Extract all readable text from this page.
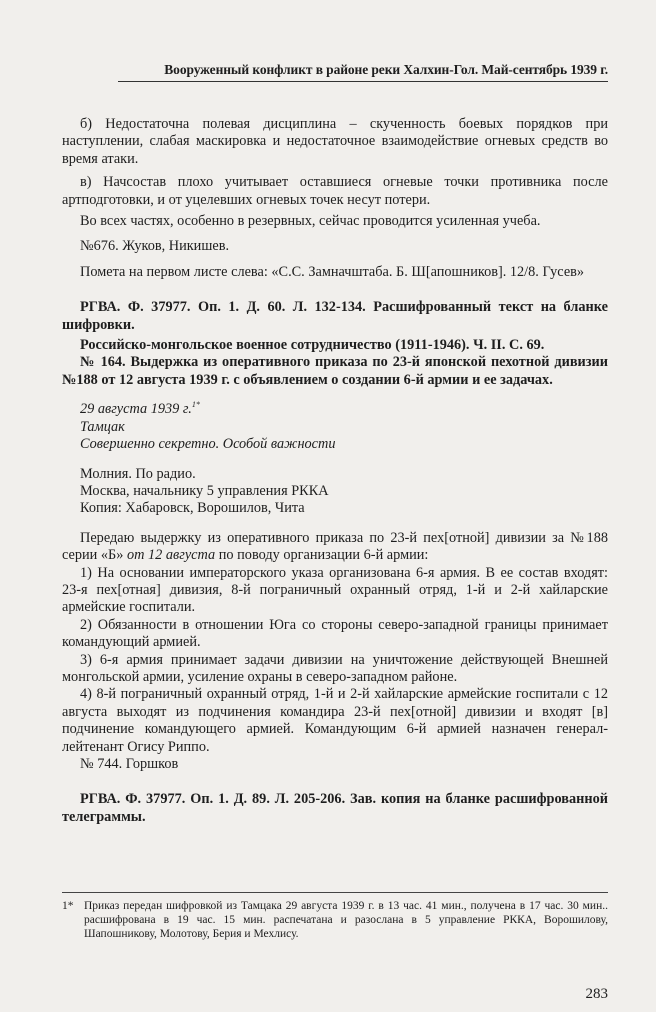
Вооруженный конфликт в районе реки Халхин-Гол. Май-сентябрь 1939 г.

б) Недостаточна полевая дисциплина – скученность боевых порядков при наступлении, слабая маскировка и недостаточное взаимодействие огневых средств во время атаки.

в) Начсостав плохо учитывает оставшиеся огневые точки противника после артподготовки, и от уцелевших огневых точек несут потери.

Во всех частях, особенно в резервных, сейчас проводится усиленная учеба.

№676. Жуков, Никишев.

Помета на первом листе слева: «С.С. Замначштаба. Б. Ш[апошников]. 12/8. Гусев»

РГВА. Ф. 37977. Оп. 1. Д. 60. Л. 132-134. Расшифрованный текст на бланке шифровки.

Российско-монгольское военное сотрудничество (1911-1946). Ч. II. С. 69.

№ 164. Выдержка из оперативного приказа по 23-й японской пехотной дивизии №188 от 12 августа 1939 г. с объявлением о создании 6-й армии и ее задачах.

29 августа 1939 г.$^{1*}$

Тамцак

Совершенно секретно. Особой важности

Молния. По радио.

Москва, начальнику 5 управления РККА

Копия: Хабаровск, Ворошилов, Чита

Передаю выдержку из оперативного приказа по 23-й пех[отной] дивизии за №188 серии «Б» от 12 августа по поводу организации 6-й армии:

1) На основании императорского указа организована 6-я армия. В ее состав входят: 23-я пех[отная] дивизия, 8-й пограничный охранный отряд, 1-й и 2-й хайларские армейские госпитали.

2) Обязанности в отношении Юга со стороны северо-западной границы принимает командующий армией.

3) 6-я армия принимает задачи дивизии на уничтожение действующей Внешней монгольской армии, усиление охраны в северо-западном районе.

4) 8-й пограничный охранный отряд, 1-й и 2-й хайларские армейские госпитали с 12 августа выходят из подчинения командира 23-й пех[отной] дивизии и входят [в] подчинение командующего армией. Командующим 6-й армией назначен генерал-лейтенант Огису Риппо.

№ 744. Горшков

РГВА. Ф. 37977. Оп. 1. Д. 89. Л. 205-206. Зав. копия на бланке расшифрованной телеграммы.

1* Приказ передан шифровкой из Тамцака 29 августа 1939 г. в 13 час. 41 мин., получена в 17 час. 30 мин.. расшифрована в 19 час. 15 мин. распечатана и разослана в 5 управление РККА, Ворошилову, Шапошникову, Молотову, Берия и Мехлису.
283
